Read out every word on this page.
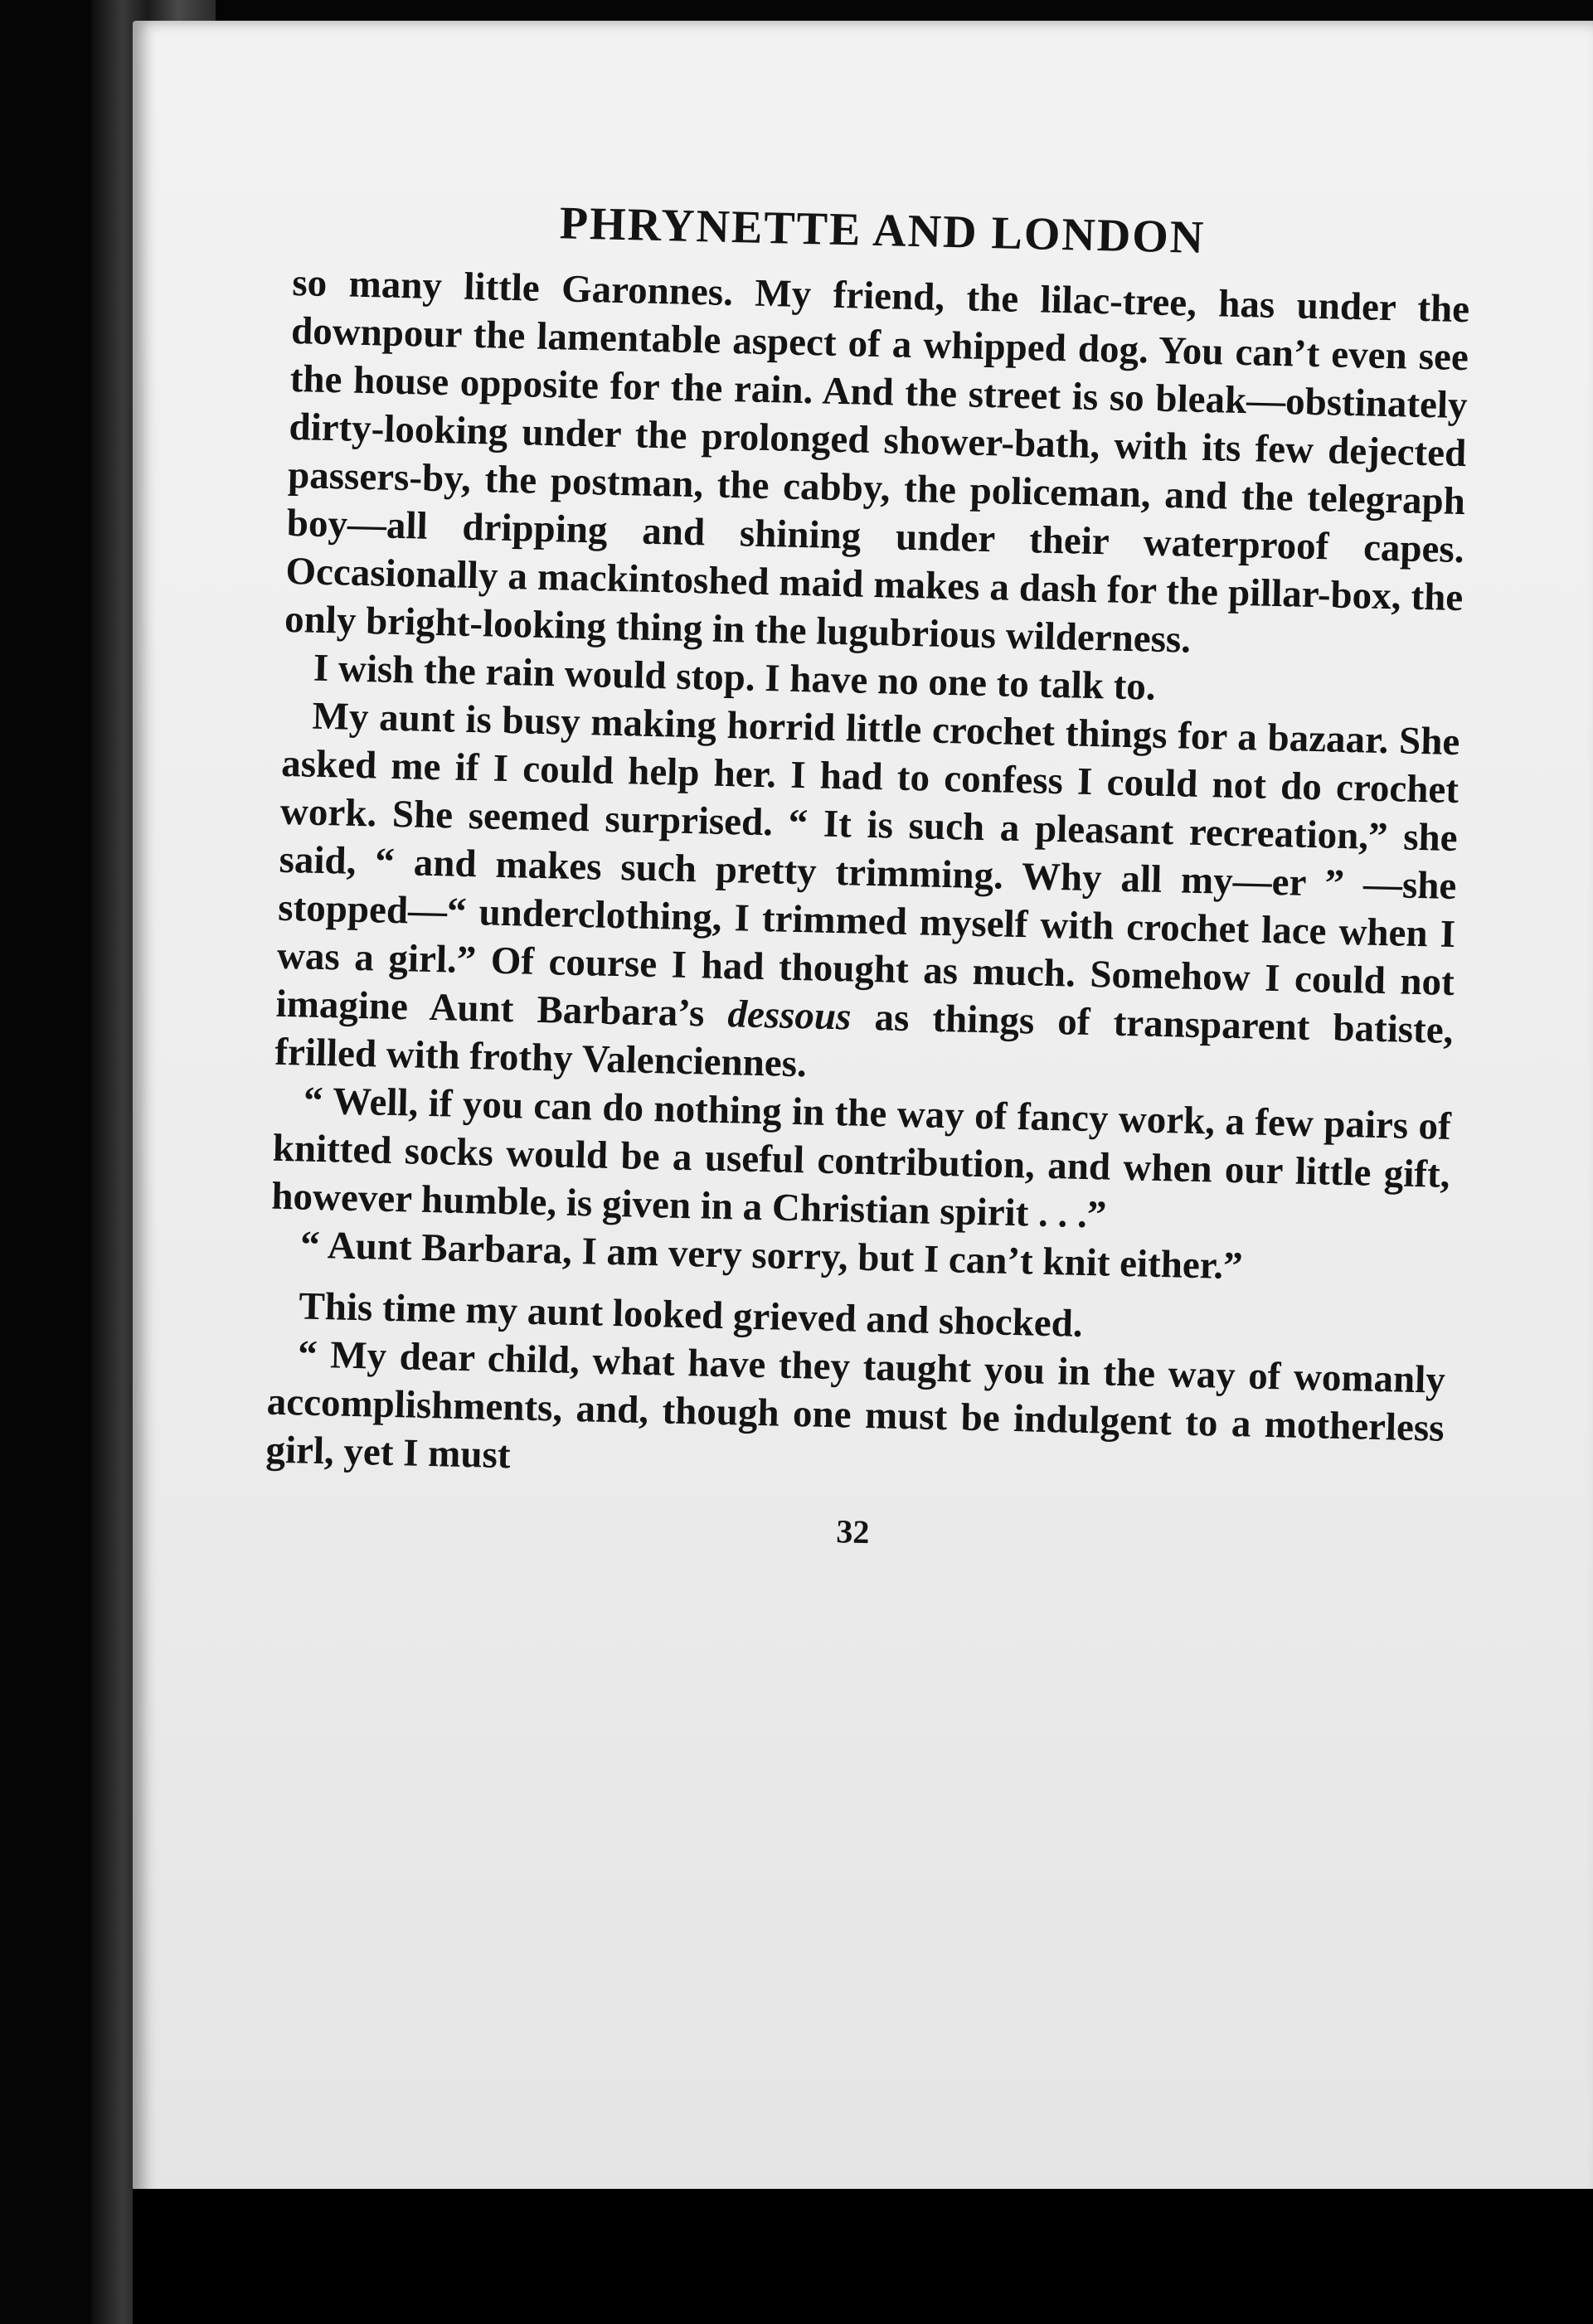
PHRYNETTE AND LONDON

so many little Garonnes. My friend, the lilac-tree, has under the downpour the lamentable aspect of a whipped dog. You can’t even see the house opposite for the rain. And the street is so bleak—obstinately dirty-looking under the prolonged shower-bath, with its few dejected passers-by, the postman, the cabby, the policeman, and the telegraph boy—all dripping and shining under their waterproof capes. Occasionally a mackintoshed maid makes a dash for the pillar-box, the only bright-looking thing in the lugubrious wilderness.

I wish the rain would stop. I have no one to talk to.

My aunt is busy making horrid little crochet things for a bazaar. She asked me if I could help her. I had to confess I could not do crochet work. She seemed surprised. “ It is such a pleasant recreation,” she said, “ and makes such pretty trimming. Why all my—er ” —she stopped—“ underclothing, I trimmed myself with crochet lace when I was a girl.” Of course I had thought as much. Somehow I could not imagine Aunt Barbara’s dessous as things of transparent batiste, frilled with frothy Valenciennes.

“ Well, if you can do nothing in the way of fancy work, a few pairs of knitted socks would be a useful contribution, and when our little gift, however humble, is given in a Christian spirit . . .”

“ Aunt Barbara, I am very sorry, but I can’t knit either.”

This time my aunt looked grieved and shocked.

“ My dear child, what have they taught you in the way of womanly accomplishments, and, though one must be indulgent to a motherless girl, yet I must

32
